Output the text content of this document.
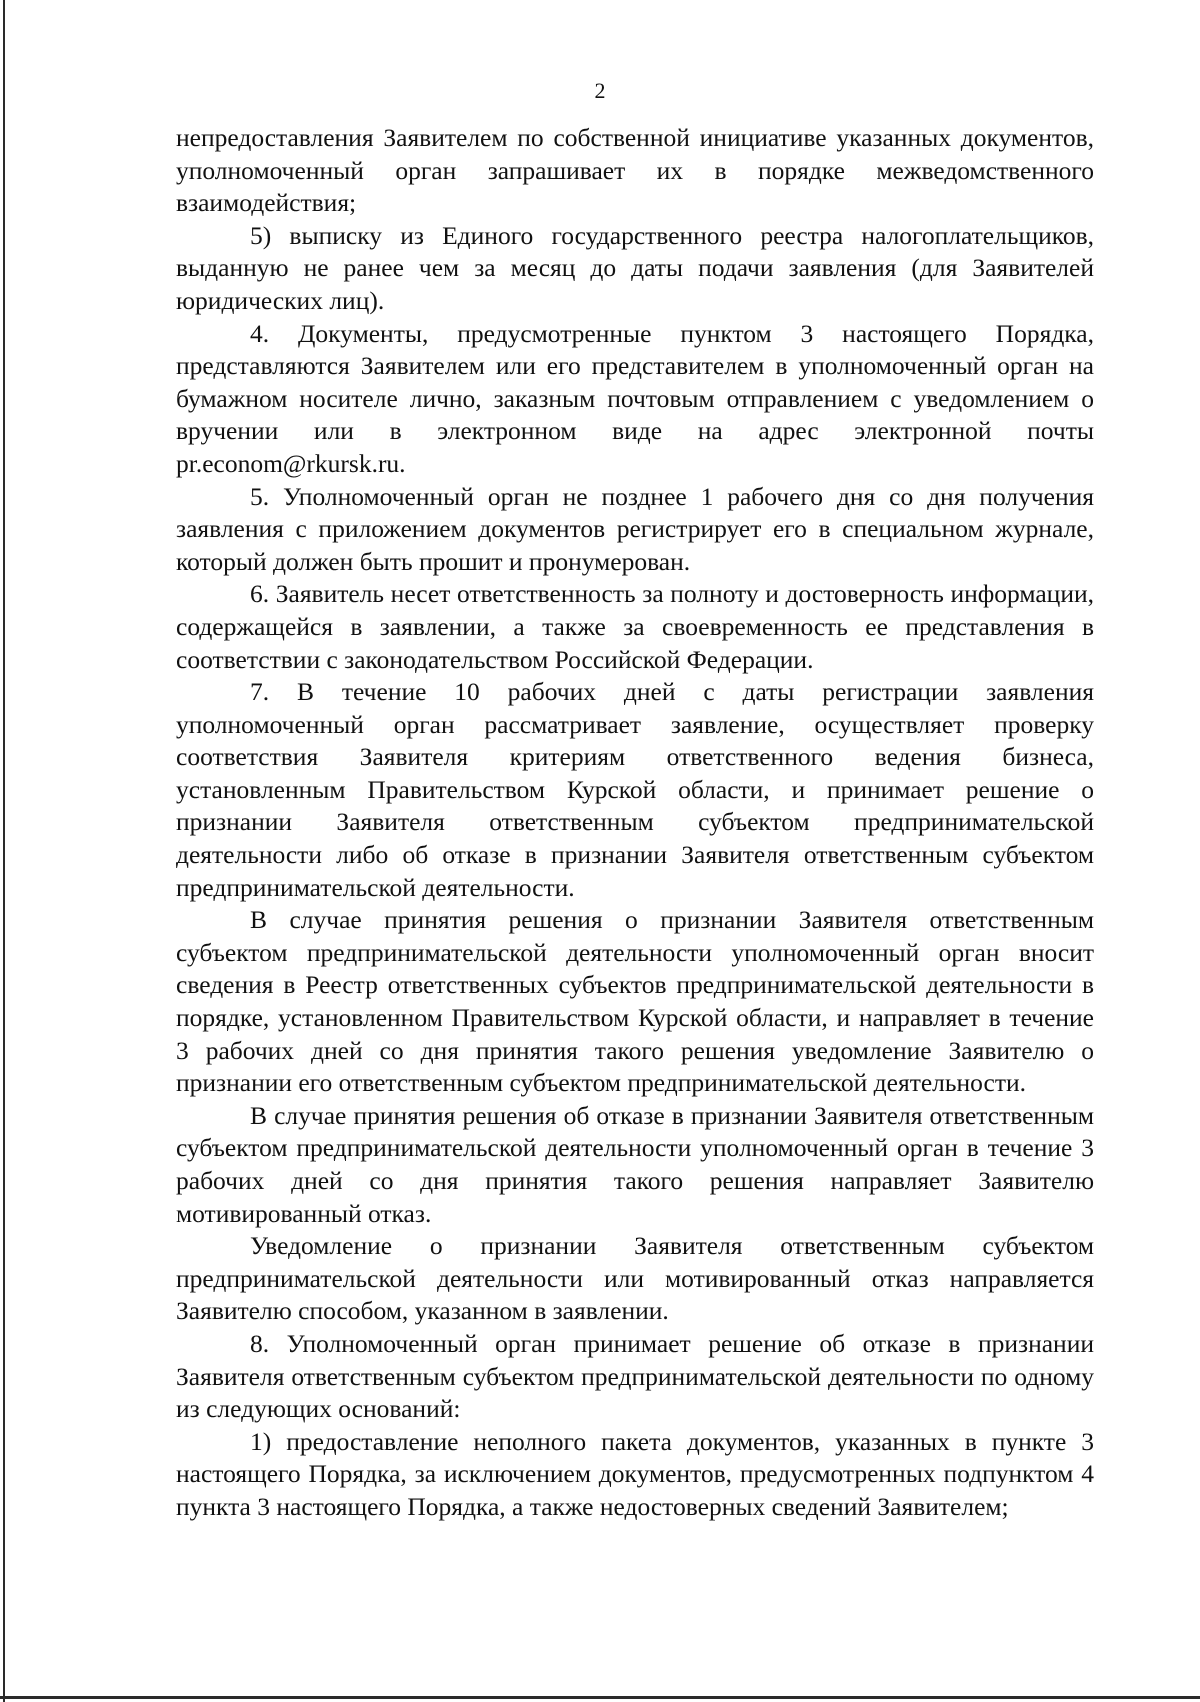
2

непредоставления Заявителем по собственной инициативе указанных документов, уполномоченный орган запрашивает их в порядке межведомственного взаимодействия;

5) выписку из Единого государственного реестра налогоплательщиков, выданную не ранее чем за месяц до даты подачи заявления (для Заявителей юридических лиц).

4. Документы, предусмотренные пунктом 3 настоящего Порядка, представляются Заявителем или его представителем в уполномоченный орган на бумажном носителе лично, заказным почтовым отправлением с уведомлением о вручении или в электронном виде на адрес электронной почты pr.econom@rkursk.ru.

5. Уполномоченный орган не позднее 1 рабочего дня со дня получения заявления с приложением документов регистрирует его в специальном журнале, который должен быть прошит и пронумерован.

6. Заявитель несет ответственность за полноту и достоверность информации, содержащейся в заявлении, а также за своевременность ее представления в соответствии с законодательством Российской Федерации.

7. В течение 10 рабочих дней с даты регистрации заявления уполномоченный орган рассматривает заявление, осуществляет проверку соответствия Заявителя критериям ответственного ведения бизнеса, установленным Правительством Курской области, и принимает решение о признании Заявителя ответственным субъектом предпринимательской деятельности либо об отказе в признании Заявителя ответственным субъектом предпринимательской деятельности.

В случае принятия решения о признании Заявителя ответственным субъектом предпринимательской деятельности уполномоченный орган вносит сведения в Реестр ответственных субъектов предпринимательской деятельности в порядке, установленном Правительством Курской области, и направляет в течение 3 рабочих дней со дня принятия такого решения уведомление Заявителю о признании его ответственным субъектом предпринимательской деятельности.

В случае принятия решения об отказе в признании Заявителя ответственным субъектом предпринимательской деятельности уполномоченный орган в течение 3 рабочих дней со дня принятия такого решения направляет Заявителю мотивированный отказ.

Уведомление о признании Заявителя ответственным субъектом предпринимательской деятельности или мотивированный отказ направляется Заявителю способом, указанном в заявлении.

8. Уполномоченный орган принимает решение об отказе в признании Заявителя ответственным субъектом предпринимательской деятельности по одному из следующих оснований:

1) предоставление неполного пакета документов, указанных в пункте 3 настоящего Порядка, за исключением документов, предусмотренных подпунктом 4 пункта 3 настоящего Порядка, а также недостоверных сведений Заявителем;
